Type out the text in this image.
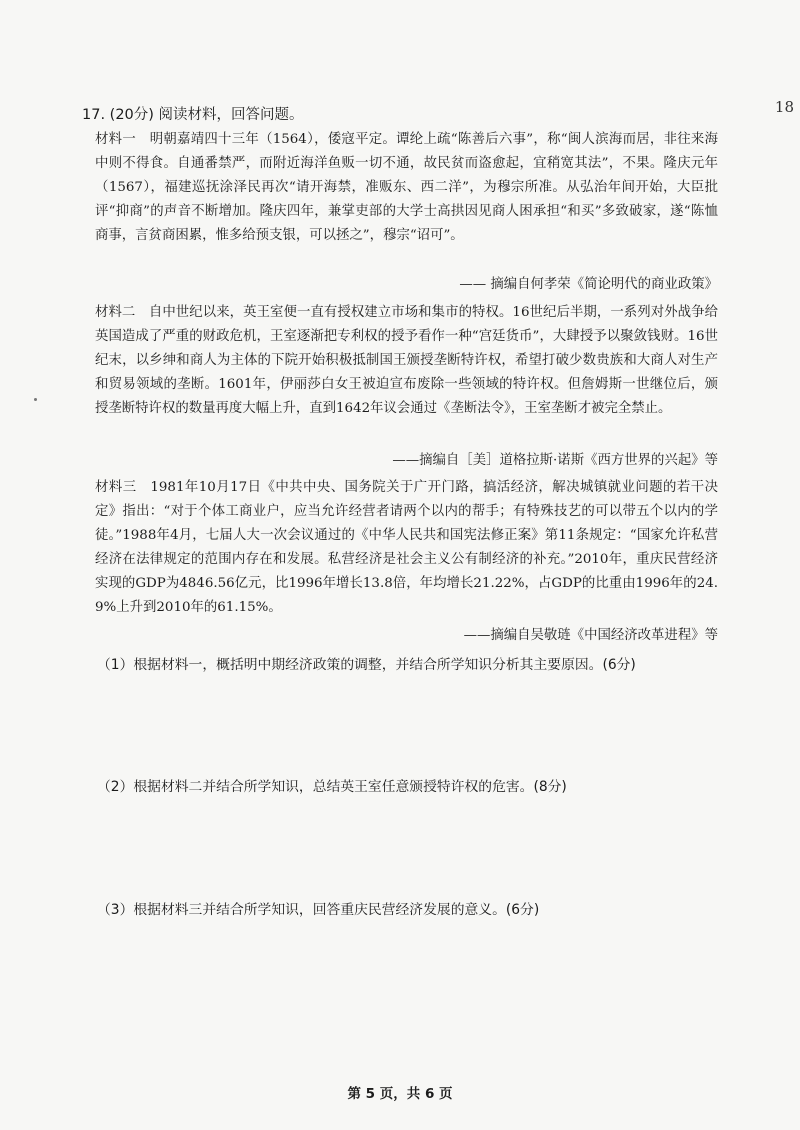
18
17. (20分) 阅读材料，回答问题。
材料一　明朝嘉靖四十三年（1564），倭寇平定。谭纶上疏“陈善后六事”，称“闽人滨海而居，非往来海中则不得食。自通番禁严，而附近海洋鱼贩一切不通，故民贫而盗愈起，宜稍宽其法”，不果。隆庆元年（1567），福建巡抚涂泽民再次“请开海禁，准贩东、西二洋”，为穆宗所准。从弘治年间开始，大臣批评“抑商”的声音不断增加。隆庆四年，兼掌吏部的大学士高拱因见商人困承担“和买”多致破家，遂“陈恤商事，言贫商困累，惟多给预支银，可以拯之”，穆宗“诏可”。
—— 摘编自何孝荣《简论明代的商业政策》
材料二　自中世纪以来，英王室便一直有授权建立市场和集市的特权。16世纪后半期，一系列对外战争给英国造成了严重的财政危机，王室逐渐把专利权的授予看作一种“宫廷货币”，大肆授予以聚敛钱财。16世纪末，以乡绅和商人为主体的下院开始积极抵制国王颁授垄断特许权，希望打破少数贵族和大商人对生产和贸易领域的垄断。1601年，伊丽莎白女王被迫宣布废除一些领域的特许权。但詹姆斯一世继位后，颁授垄断特许权的数量再度大幅上升，直到1642年议会通过《垄断法令》，王室垄断才被完全禁止。
——摘编自［美］道格拉斯·诺斯《西方世界的兴起》等
材料三　1981年10月17日《中共中央、国务院关于广开门路，搞活经济，解决城镇就业问题的若干决定》指出：“对于个体工商业户，应当允许经营者请两个以内的帮手；有特殊技艺的可以带五个以内的学徒。”1988年4月，七届人大一次会议通过的《中华人民共和国宪法修正案》第11条规定：“国家允许私营经济在法律规定的范围内存在和发展。私营经济是社会主义公有制经济的补充。”2010年，重庆民营经济实现的GDP为4846.56亿元，比1996年增长13.8倍，年均增长21.22%，占GDP的比重由1996年的24.9%上升到2010年的61.15%。
——摘编自吴敬琏《中国经济改革进程》等
（1）根据材料一，概括明中期经济政策的调整，并结合所学知识分析其主要原因。(6分)
（2）根据材料二并结合所学知识，总结英王室任意颁授特许权的危害。(8分)
（3）根据材料三并结合所学知识，回答重庆民营经济发展的意义。(6分)
第 5 页，共 6 页
